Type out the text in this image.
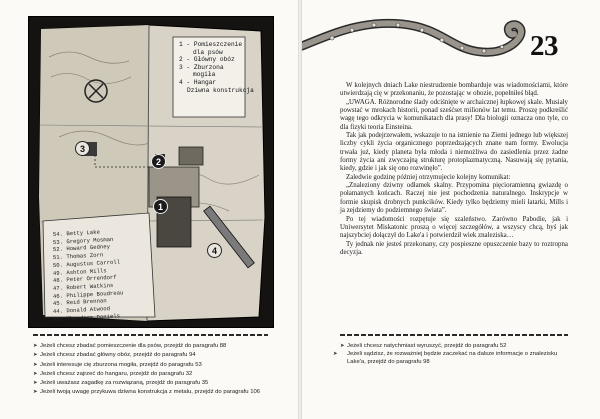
1 - Pomieszczenie
dla psów
2 - Główny obóz
3 - Zburzona
mogiła
4 - Hangar
Dziwna konstrukcja
3
2
1
4
54. Betty Lake
53. Gregory Mosman
52. Howard Gedney
51. Thomas Zorn
50. Augustus Carroll
49. Ashton Mills
48. Peter Orrendorf
47. Robert Watkins
46. Philippe Boudreau
45. Reid Brennan
44. Donald Atwood
43. Theodore Daniels
➤ Jeżeli chcesz zbadać pomieszczenie dla psów, przejdź do paragrafu 88
➤ Jeżeli chcesz zbadać główny obóz, przejdź do paragrafu 94
➤ Jeżeli interesuje cię zburzona mogiła, przejdź do paragrafu 53
➤ Jeżeli chcesz zajrzeć do hangaru, przejdź do paragrafu 32
➤ Jeżeli uważasz zagadkę za rozwiązaną, przejdź do paragrafu 35
➤ Jeżeli twoją uwagę przykuwa dziwna konstrukcja z metalu, przejdź do paragrafu 106
23

W kolejnych dniach Lake niestrudzenie bombarduje was wiadomościami, które utwierdzają cię w przekonaniu, że pozostając w obozie, popełniłeś błąd.

„UWAGA. Różnorodne ślady odciśnięte w archaicznej łupkowej skale. Musiały powstać w mrokach historii, ponad sześćset milionów lat temu. Proszę podkreślić wagę tego odkrycia w komunikatach dla prasy! Dla biologii oznacza ono tyle, co dla fizyki teoria Einsteina.

Tak jak podejrzewałem, wskazuje to na istnienie na Ziemi jednego lub większej liczby cykli życia organicznego poprzedzających znane nam formy. Ewolucja trwała już, kiedy planeta była młoda i niemożliwa do zasiedlenia przez żadne formy życia ani zwyczajną strukturę protoplazmatyczną. Nasuwają się pytania, kiedy, gdzie i jak się ono rozwinęło”.

Zaledwie godzinę później otrzymujecie kolejny komunikat:

„Znaleziony dziwny odłamek skalny. Przypomina pięcioramienną gwiazdę o połamanych końcach. Raczej nie jest pochodzenia naturalnego. Inskrypcje w formie skupisk drobnych punkcików. Kiedy tylko będziemy mieli łatarki, Mills i ja zejdziemy do podziemnego świata”.

Po tej wiadomości rozpętuje się szaleństwo. Zarówno Pabodie, jak i Uniwersytet Miskatonic proszą o więcej szczegółów, a wszyscy chcą, byś jak najszybciej dołączył do Lake'a i potwierdził wiek znaleziska…

Ty jednak nie jesteś przekonany, czy pospieszne opuszczenie bazy to roztropna decyzja.

➤ Jeżeli chcesz natychmiast wyruszyć, przejdź do paragrafu 52
➤ Jeżeli sądzisz, że rozważniej będzie zaczekać na dalsze informacje o znalezisku Lake'a, przejdź do paragrafu 98
